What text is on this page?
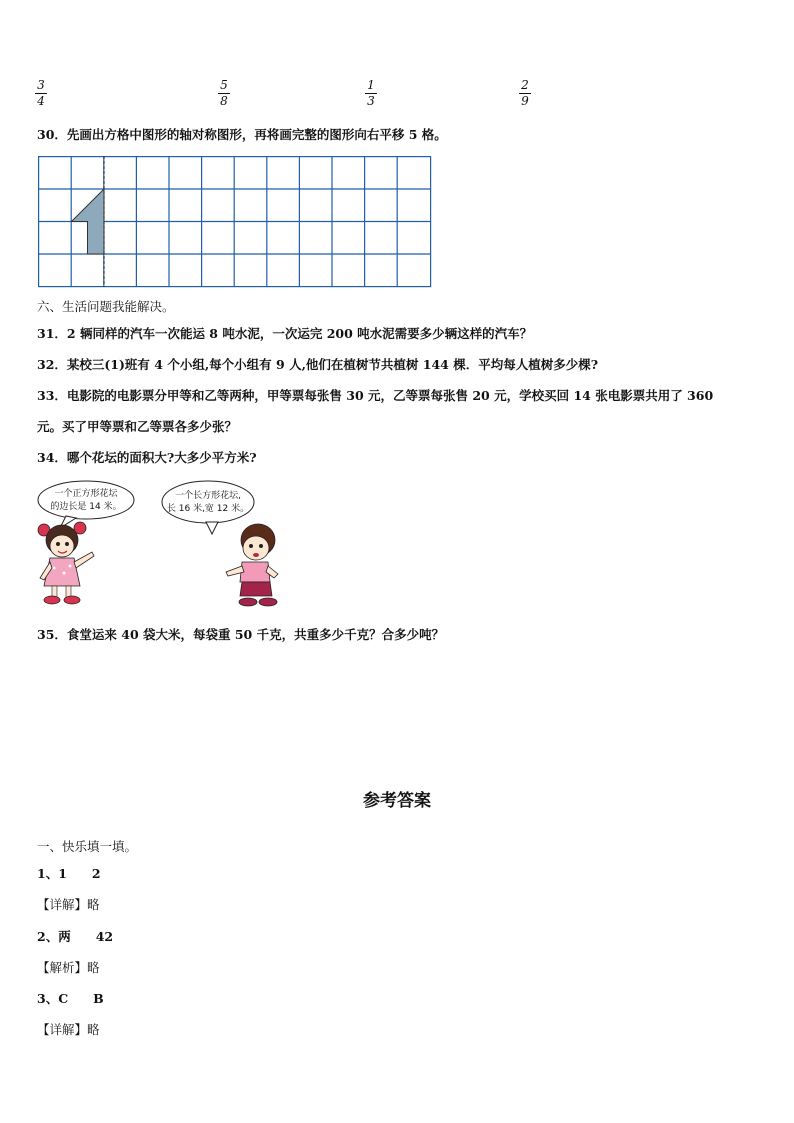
3
4
5
8
1
3
2
9
30．先画出方格中图形的轴对称图形，再将画完整的图形向右平移 5 格。
六、生活问题我能解决。
31．2 辆同样的汽车一次能运 8 吨水泥，一次运完 200 吨水泥需要多少辆这样的汽车？
32．某校三(1)班有 4 个小组,每个小组有 9 人,他们在植树节共植树 144 棵．平均每人植树多少棵?
33．电影院的电影票分甲等和乙等两种，甲等票每张售 30 元，乙等票每张售 20 元，学校买回 14 张电影票共用了 360
元。买了甲等票和乙等票各多少张？
34．哪个花坛的面积大?大多少平方米?
一个正方形花坛
的边长是 14 米。
一个长方形花坛,
长 16 米,宽 12 米。
35．食堂运来 40 袋大米，每袋重 50 千克，共重多少千克？合多少吨？
参考答案
一、快乐填一填。
1、1　　2
【详解】略
2、两　　42
【解析】略
3、C　　B
【详解】略
